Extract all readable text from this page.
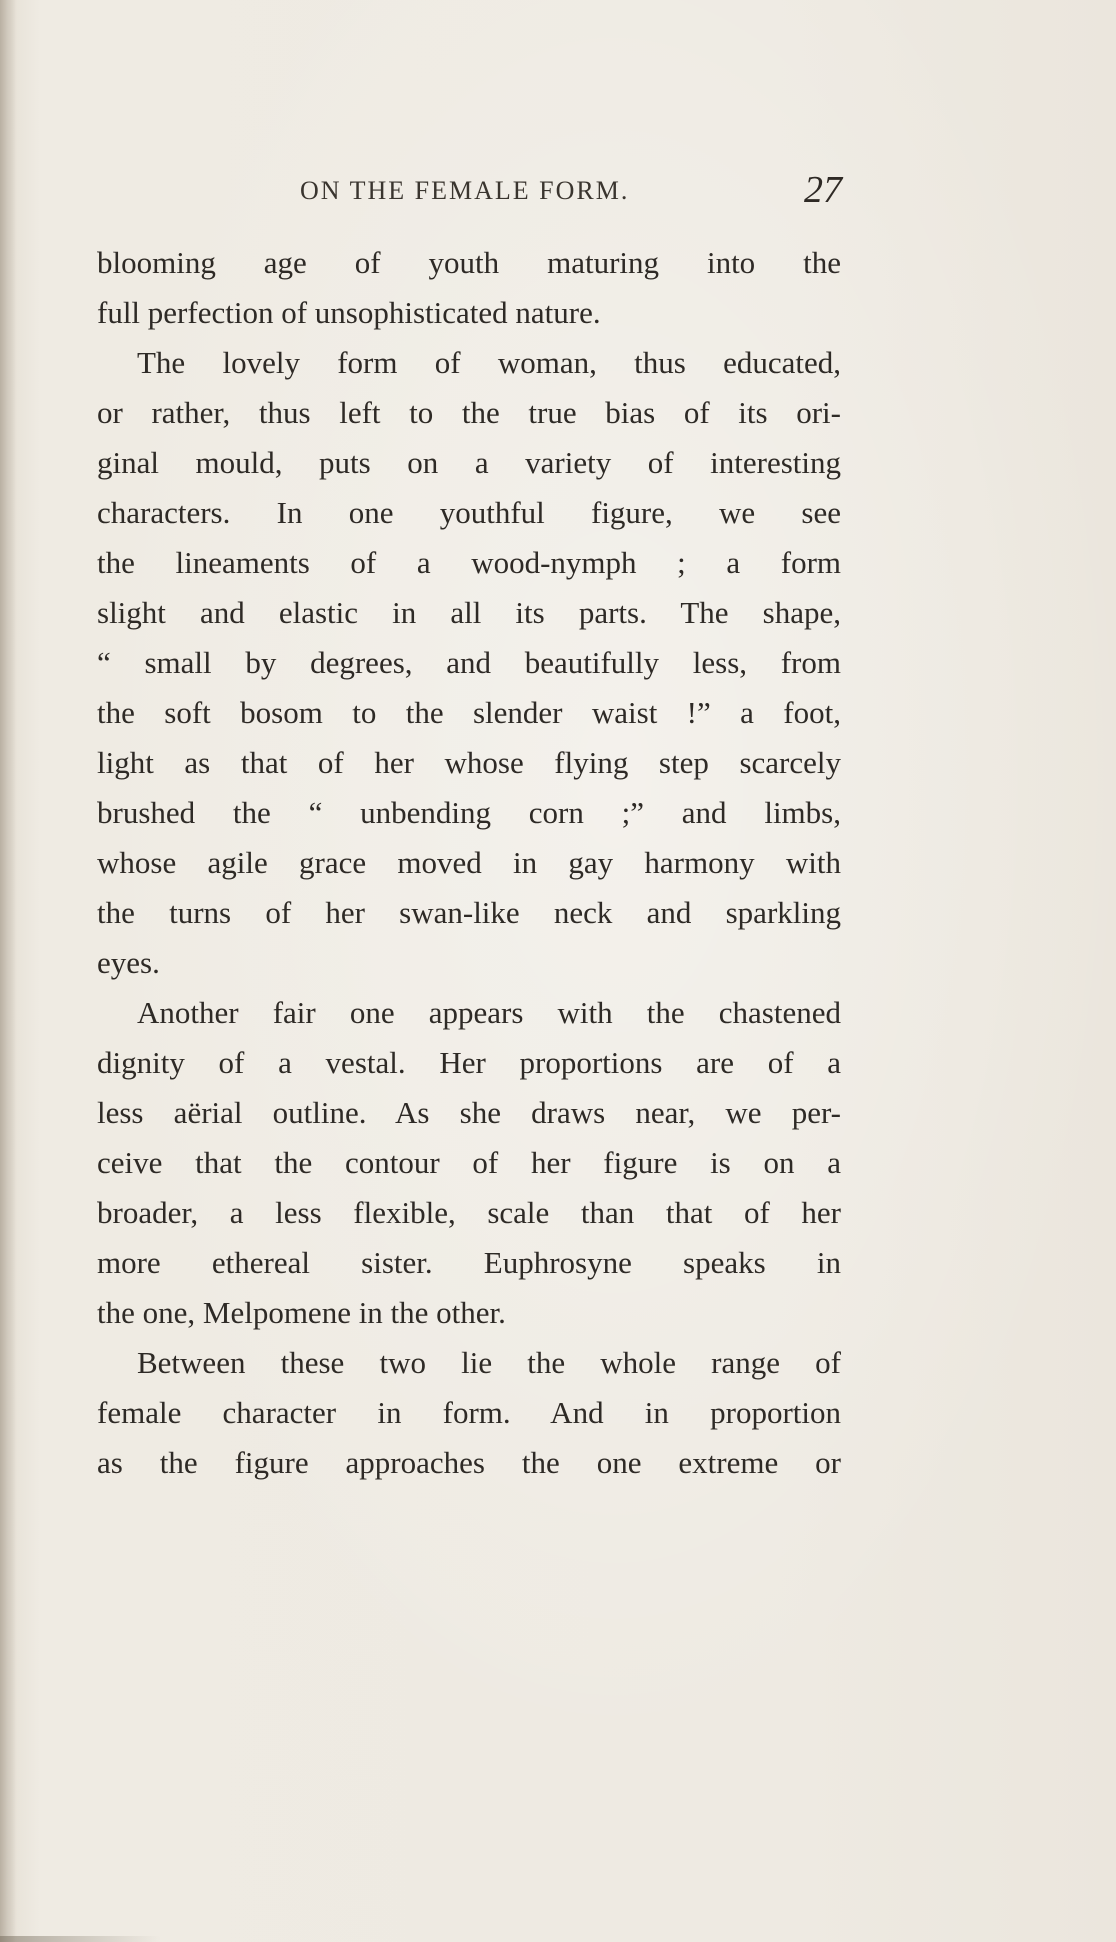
ON THE FEMALE FORM.	27
blooming age of youth maturing into the
full perfection of unsophisticated nature.
The lovely form of woman, thus educated,
or rather, thus left to the true bias of its ori-
ginal mould, puts on a variety of interesting
characters. In one youthful figure, we see
the lineaments of a wood-nymph ; a form
slight and elastic in all its parts. The shape,
“ small by degrees, and beautifully less, from
the soft bosom to the slender waist !” a foot,
light as that of her whose flying step scarcely
brushed the “ unbending corn ;” and limbs,
whose agile grace moved in gay harmony with
the turns of her swan-like neck and sparkling
eyes.
Another fair one appears with the chastened
dignity of a vestal. Her proportions are of a
less aërial outline. As she draws near, we per-
ceive that the contour of her figure is on a
broader, a less flexible, scale than that of her
more ethereal sister. Euphrosyne speaks in
the one, Melpomene in the other.
Between these two lie the whole range of
female character in form. And in proportion
as the figure approaches the one extreme or
